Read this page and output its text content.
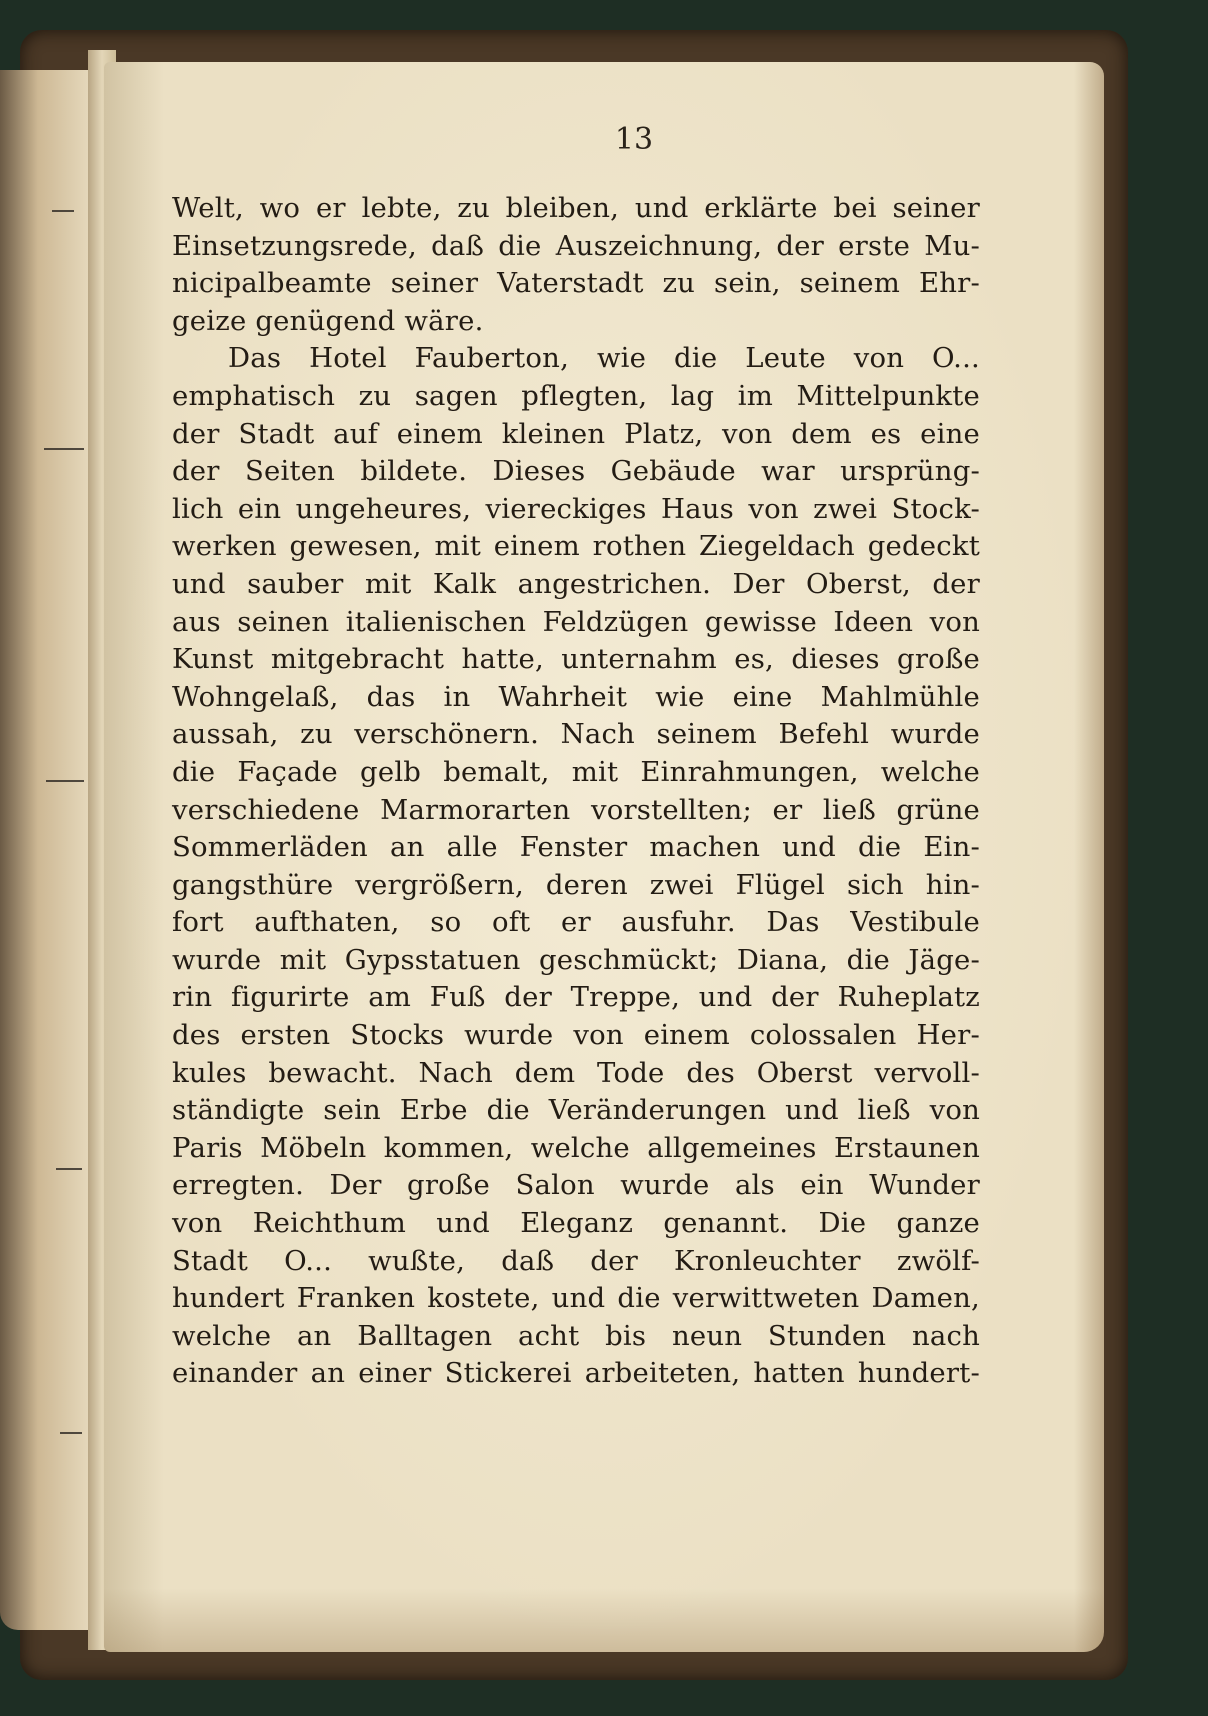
13
Welt, wo er lebte, zu bleiben, und erklärte bei seiner
Einsetzungsrede, daß die Auszeichnung, der erste Mu-
nicipalbeamte seiner Vaterstadt zu sein, seinem Ehr-
geize genügend wäre.
Das Hotel Fauberton, wie die Leute von O...
emphatisch zu sagen pflegten, lag im Mittelpunkte
der Stadt auf einem kleinen Platz, von dem es eine
der Seiten bildete. Dieses Gebäude war ursprüng-
lich ein ungeheures, viereckiges Haus von zwei Stock-
werken gewesen, mit einem rothen Ziegeldach gedeckt
und sauber mit Kalk angestrichen. Der Oberst, der
aus seinen italienischen Feldzügen gewisse Ideen von
Kunst mitgebracht hatte, unternahm es, dieses große
Wohngelaß, das in Wahrheit wie eine Mahlmühle
aussah, zu verschönern. Nach seinem Befehl wurde
die Façade gelb bemalt, mit Einrahmungen, welche
verschiedene Marmorarten vorstellten; er ließ grüne
Sommerläden an alle Fenster machen und die Ein-
gangsthüre vergrößern, deren zwei Flügel sich hin-
fort aufthaten, so oft er ausfuhr. Das Vestibule
wurde mit Gypsstatuen geschmückt; Diana, die Jäge-
rin figurirte am Fuß der Treppe, und der Ruheplatz
des ersten Stocks wurde von einem colossalen Her-
kules bewacht. Nach dem Tode des Oberst vervoll-
ständigte sein Erbe die Veränderungen und ließ von
Paris Möbeln kommen, welche allgemeines Erstaunen
erregten. Der große Salon wurde als ein Wunder
von Reichthum und Eleganz genannt. Die ganze
Stadt O... wußte, daß der Kronleuchter zwölf-
hundert Franken kostete, und die verwittweten Damen,
welche an Balltagen acht bis neun Stunden nach
einander an einer Stickerei arbeiteten, hatten hundert-
